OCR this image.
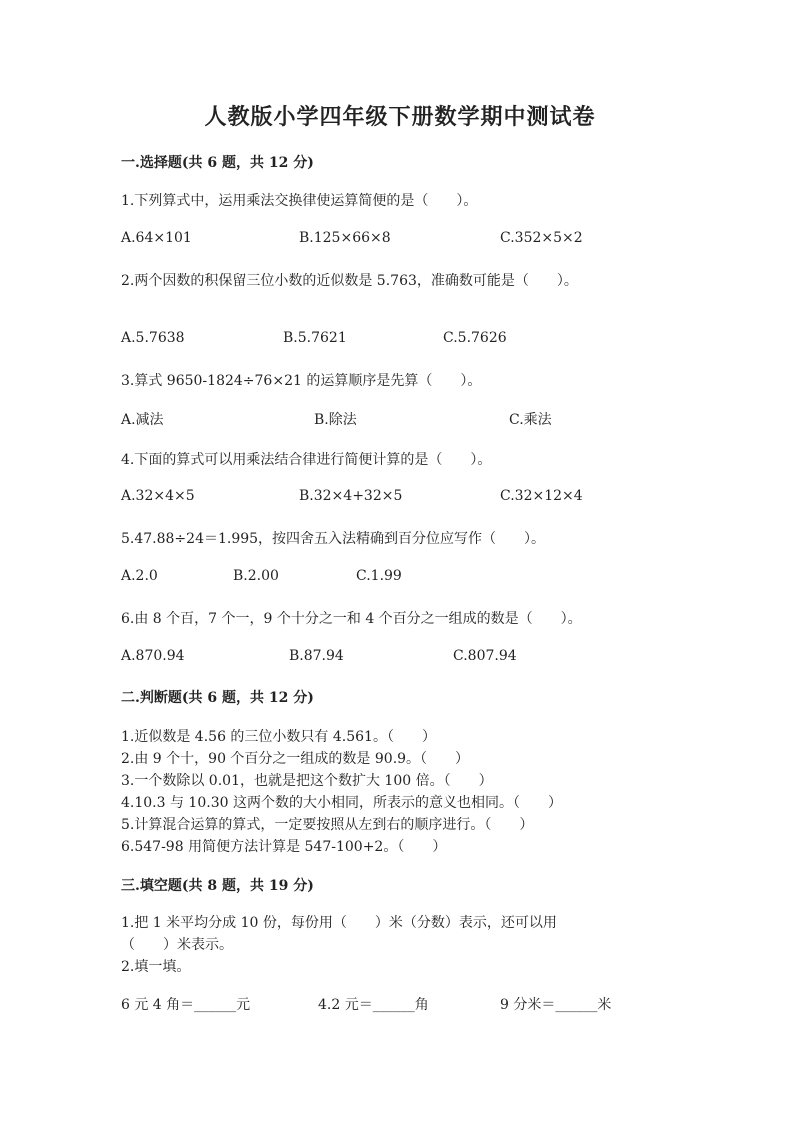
人教版小学四年级下册数学期中测试卷
一.选择题(共 6 题，共 12 分)
1.下列算式中，运用乘法交换律使运算简便的是（　　）。
A.64×101	B.125×66×8	C.352×5×2
2.两个因数的积保留三位小数的近似数是 5.763，准确数可能是（　　）。
A.5.7638	B.5.7621	C.5.7626
3.算式 9650-1824÷76×21 的运算顺序是先算（　　）。
A.减法	B.除法	C.乘法
4.下面的算式可以用乘法结合律进行简便计算的是（　　）。
A.32×4×5	B.32×4+32×5	C.32×12×4
5.47.88÷24＝1.995，按四舍五入法精确到百分位应写作（　　）。
A.2.0	B.2.00	C.1.99
6.由 8 个百，7 个一，9 个十分之一和 4 个百分之一组成的数是（　　）。
A.870.94	B.87.94	C.807.94
二.判断题(共 6 题，共 12 分)
1.近似数是 4.56 的三位小数只有 4.561。（　　）
2.由 9 个十，90 个百分之一组成的数是 90.9。（　　）
3.一个数除以 0.01，也就是把这个数扩大 100 倍。（　　）
4.10.3 与 10.30 这两个数的大小相同，所表示的意义也相同。（　　）
5.计算混合运算的算式，一定要按照从左到右的顺序进行。（　　）
6.547-98 用简便方法计算是 547-100+2。（　　）
三.填空题(共 8 题，共 19 分)
1.把 1 米平均分成 10 份，每份用（　　）米（分数）表示，还可以用
（　　）米表示。
2.填一填。
6 元 4 角＝______元	4.2 元＝______角	9 分米＝______米
